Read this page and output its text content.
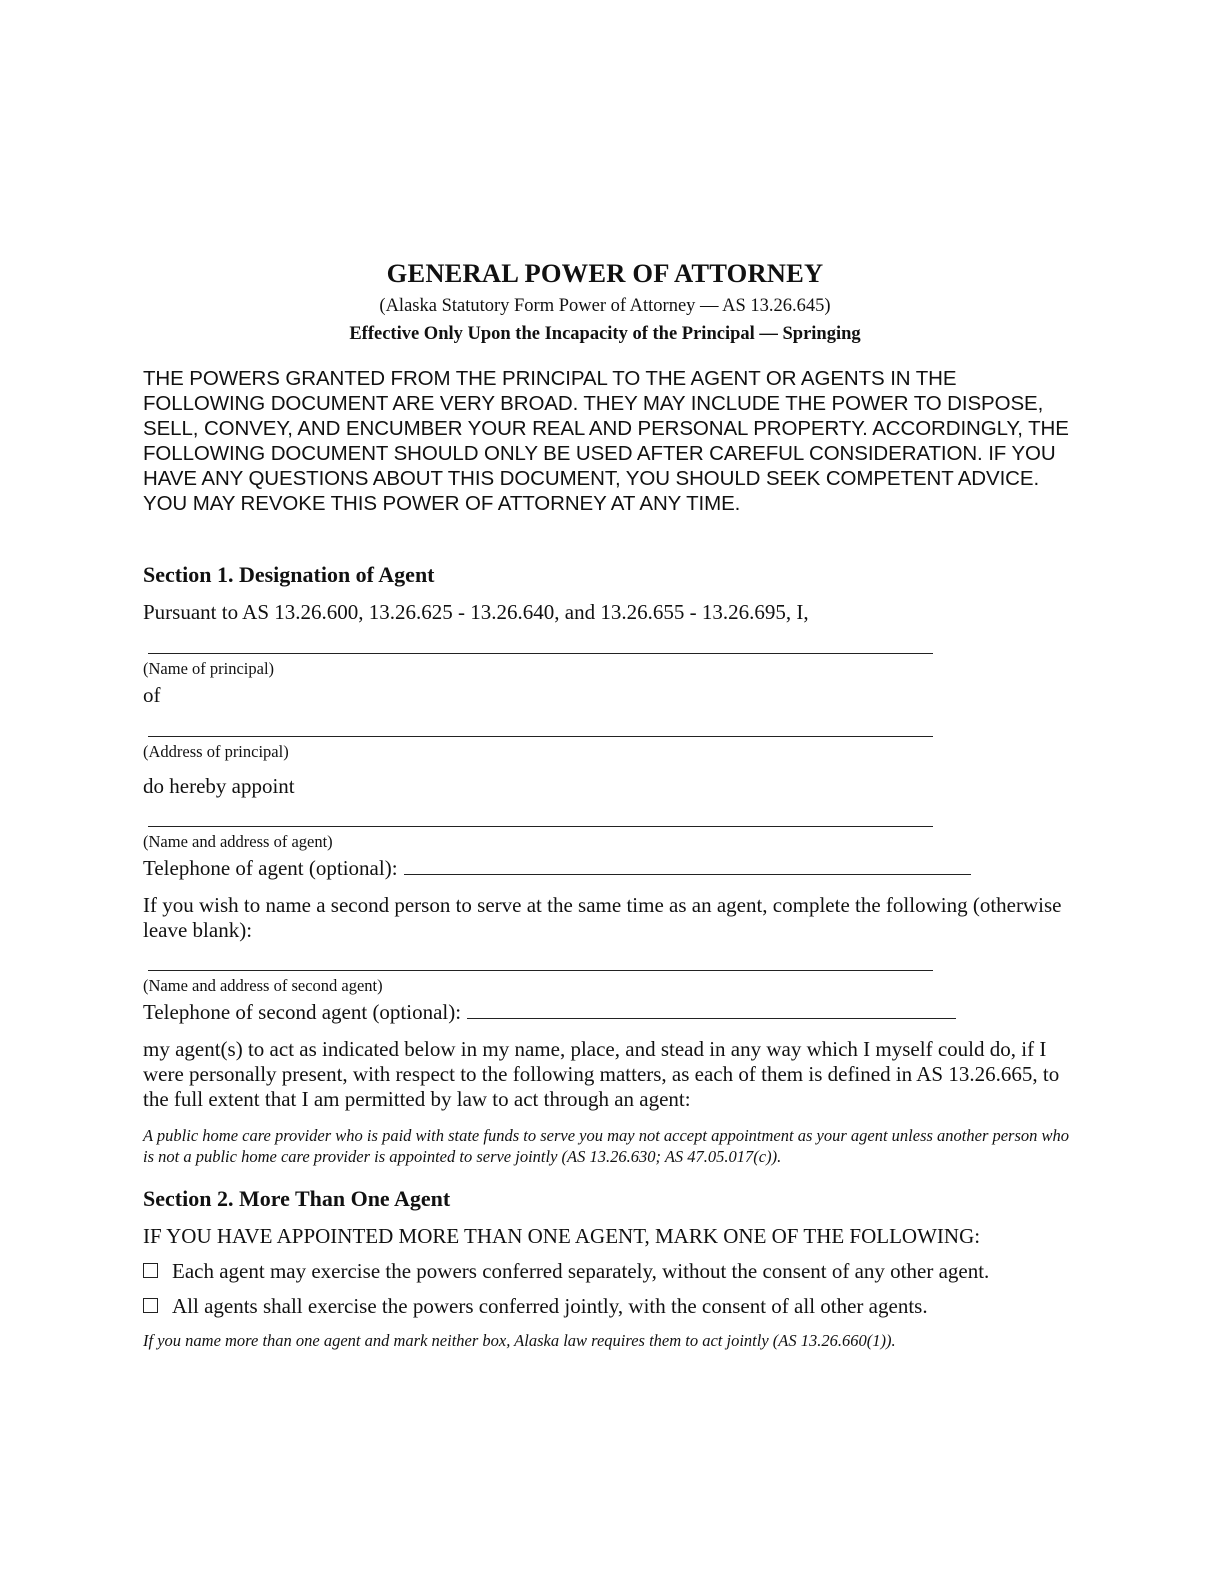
GENERAL POWER OF ATTORNEY
(Alaska Statutory Form Power of Attorney — AS 13.26.645)
Effective Only Upon the Incapacity of the Principal — Springing
THE POWERS GRANTED FROM THE PRINCIPAL TO THE AGENT OR AGENTS IN THE FOLLOWING DOCUMENT ARE VERY BROAD. THEY MAY INCLUDE THE POWER TO DISPOSE, SELL, CONVEY, AND ENCUMBER YOUR REAL AND PERSONAL PROPERTY. ACCORDINGLY, THE FOLLOWING DOCUMENT SHOULD ONLY BE USED AFTER CAREFUL CONSIDERATION. IF YOU HAVE ANY QUESTIONS ABOUT THIS DOCUMENT, YOU SHOULD SEEK COMPETENT ADVICE. YOU MAY REVOKE THIS POWER OF ATTORNEY AT ANY TIME.
Section 1. Designation of Agent
Pursuant to AS 13.26.600, 13.26.625 - 13.26.640, and 13.26.655 - 13.26.695, I,
(Name of principal)
of
(Address of principal)
do hereby appoint
(Name and address of agent)
Telephone of agent (optional):
If you wish to name a second person to serve at the same time as an agent, complete the following (otherwise leave blank):
(Name and address of second agent)
Telephone of second agent (optional):
my agent(s) to act as indicated below in my name, place, and stead in any way which I myself could do, if I were personally present, with respect to the following matters, as each of them is defined in AS 13.26.665, to the full extent that I am permitted by law to act through an agent:
A public home care provider who is paid with state funds to serve you may not accept appointment as your agent unless another person who is not a public home care provider is appointed to serve jointly (AS 13.26.630; AS 47.05.017(c)).
Section 2. More Than One Agent
IF YOU HAVE APPOINTED MORE THAN ONE AGENT, MARK ONE OF THE FOLLOWING:
Each agent may exercise the powers conferred separately, without the consent of any other agent.
All agents shall exercise the powers conferred jointly, with the consent of all other agents.
If you name more than one agent and mark neither box, Alaska law requires them to act jointly (AS 13.26.660(1)).
